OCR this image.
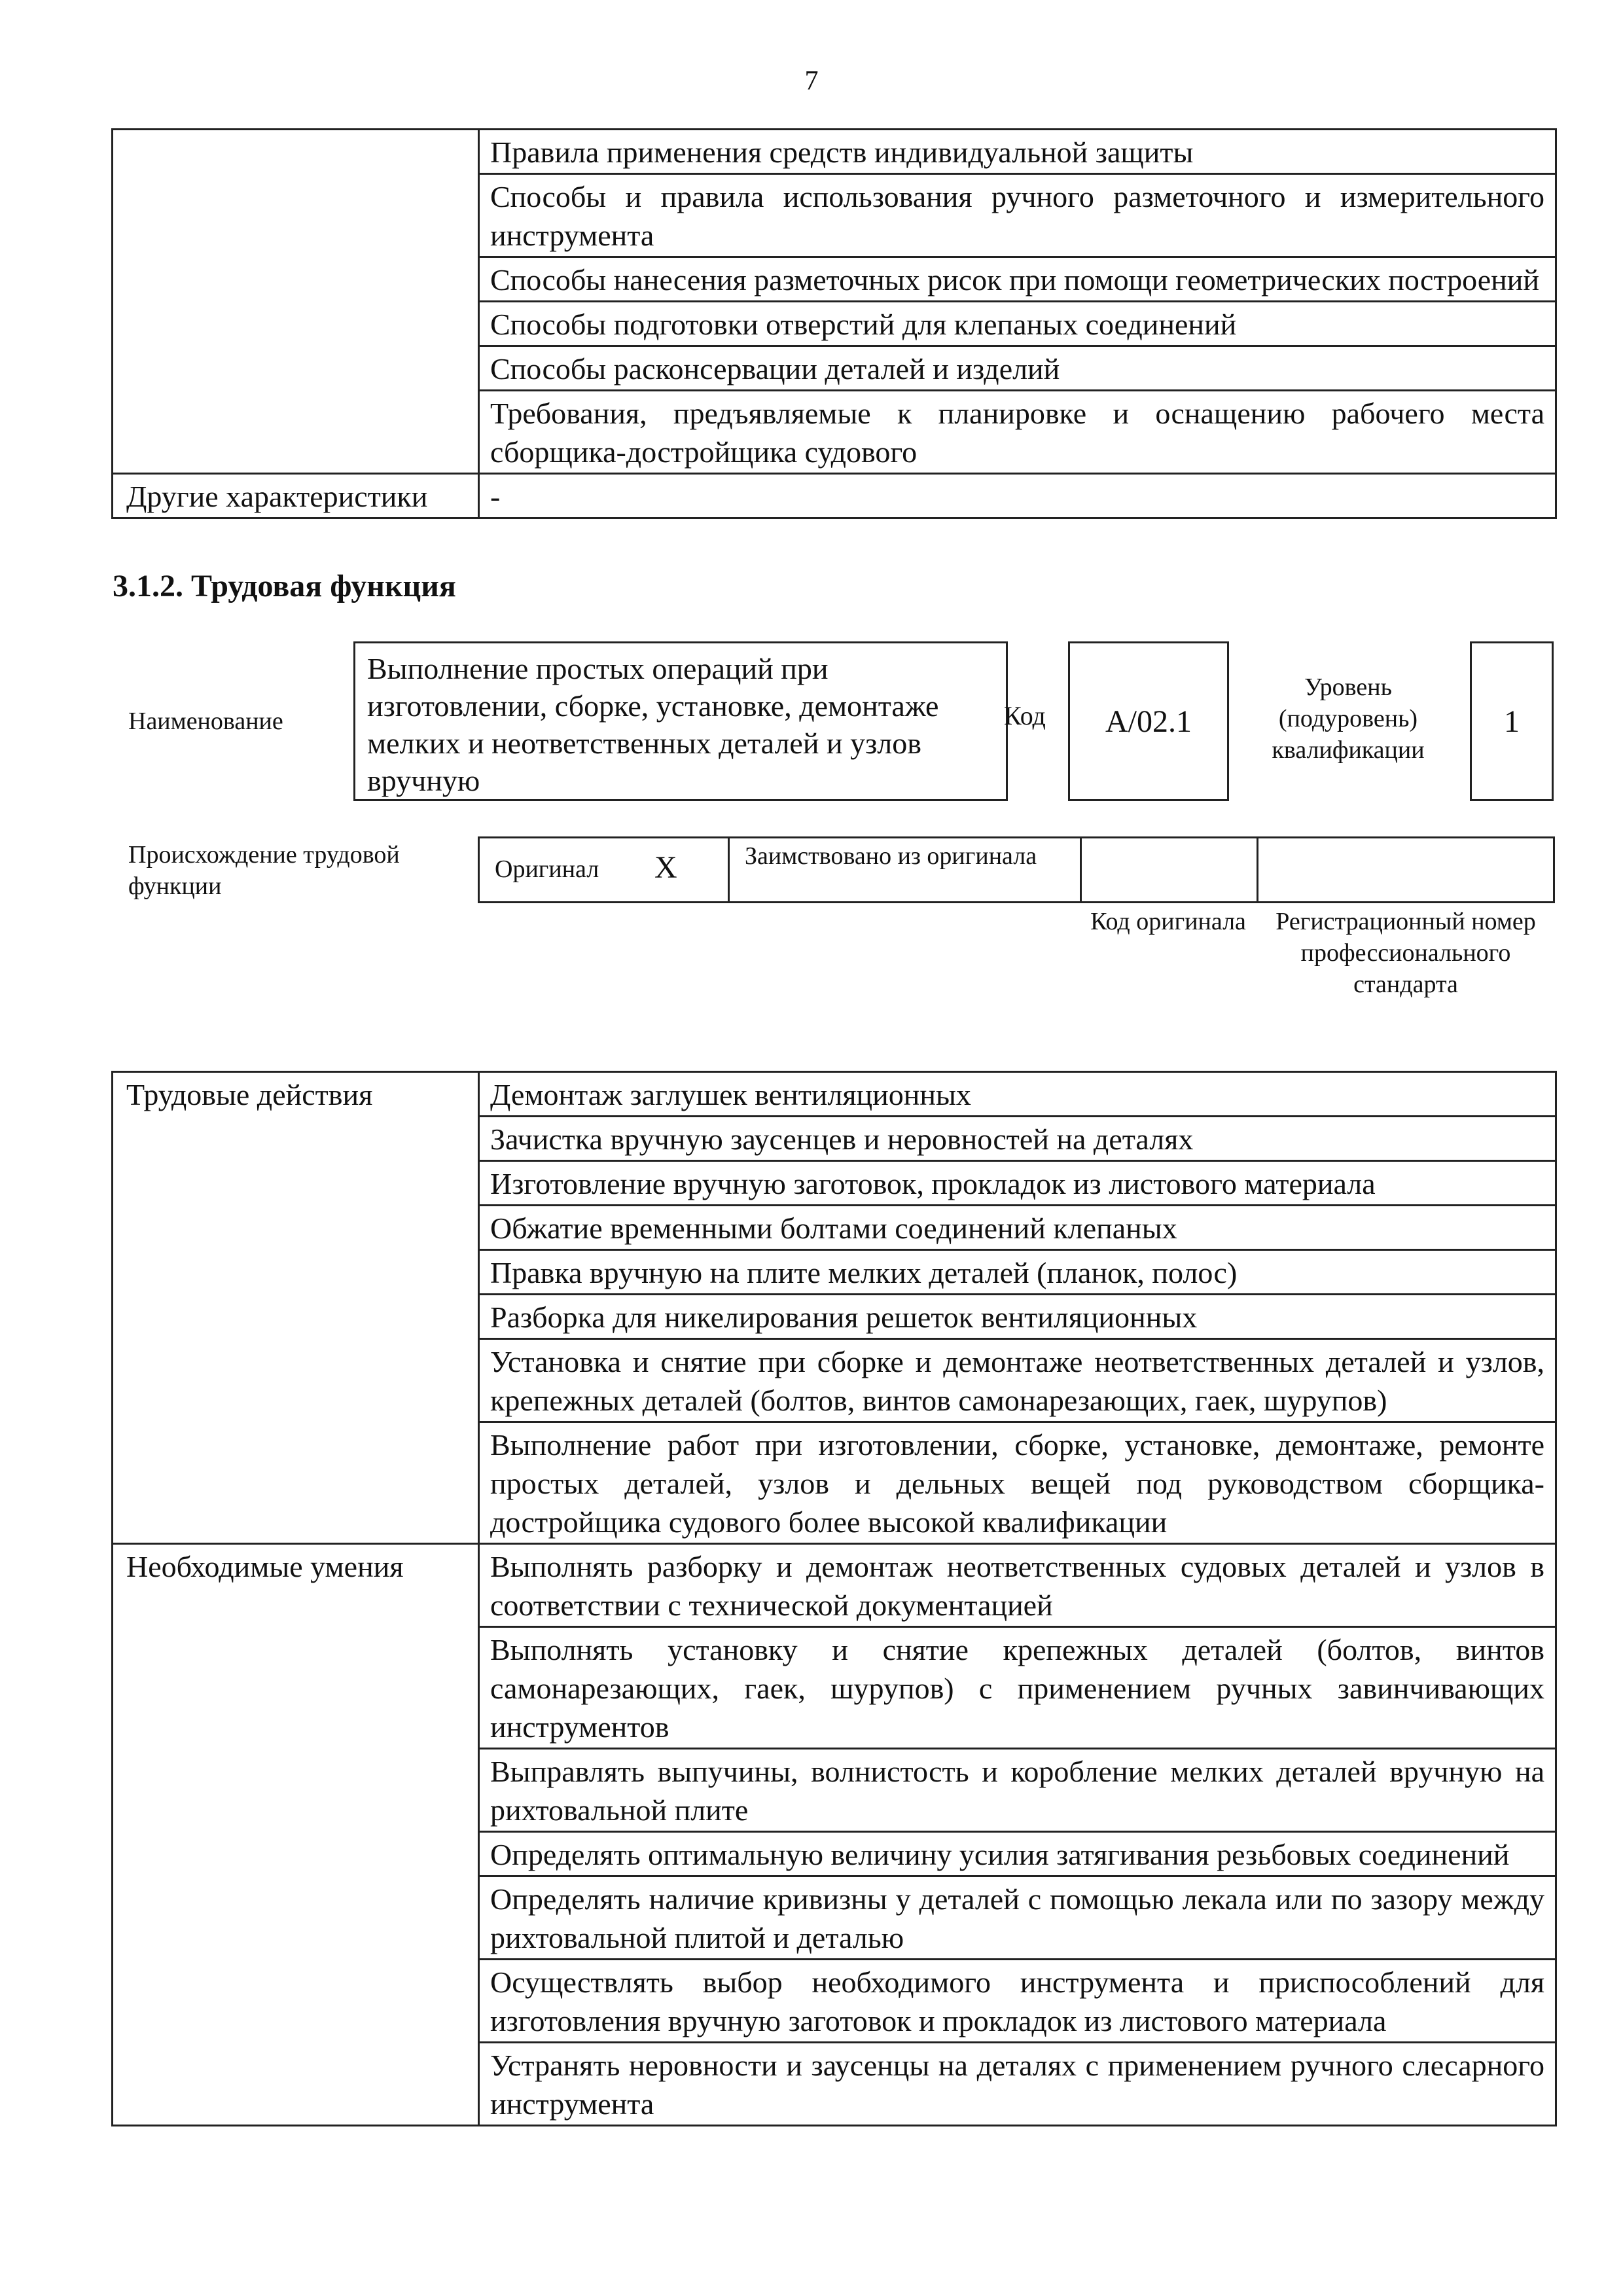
7
	Правила применения средств индивидуальной защиты
	Способы и правила использования ручного разметочного и измерительного инструмента
	Способы нанесения разметочных рисок при помощи геометрических построений
	Способы подготовки отверстий для клепаных соединений
	Способы расконсервации деталей и изделий
	Требования, предъявляемые к планировке и оснащению рабочего места сборщика-достройщика судового
Другие характеристики	-
3.1.2. Трудовая функция
Наименование
Выполнение простых операций при изготовлении, сборке, установке, демонтаже мелких и неответственных деталей и узлов вручную
Код	A/02.1
Уровень (подуровень) квалификации
1
Происхождение трудовой функции
Оригинал X	Заимствовано из оригинала
Код оригинала	Регистрационный номер профессионального стандарта
Трудовые действия	Демонтаж заглушек вентиляционных
	Зачистка вручную заусенцев и неровностей на деталях
	Изготовление вручную заготовок, прокладок из листового материала
	Обжатие временными болтами соединений клепаных
	Правка вручную на плите мелких деталей (планок, полос)
	Разборка для никелирования решеток вентиляционных
	Установка и снятие при сборке и демонтаже неответственных деталей и узлов, крепежных деталей (болтов, винтов самонарезающих, гаек, шурупов)
	Выполнение работ при изготовлении, сборке, установке, демонтаже, ремонте простых деталей, узлов и дельных вещей под руководством сборщика-достройщика судового более высокой квалификации
Необходимые умения	Выполнять разборку и демонтаж неответственных судовых деталей и узлов в соответствии с технической документацией
	Выполнять установку и снятие крепежных деталей (болтов, винтов самонарезающих, гаек, шурупов) с применением ручных завинчивающих инструментов
	Выправлять выпучины, волнистость и коробление мелких деталей вручную на рихтовальной плите
	Определять оптимальную величину усилия затягивания резьбовых соединений
	Определять наличие кривизны у деталей с помощью лекала или по зазору между рихтовальной плитой и деталью
	Осуществлять выбор необходимого инструмента и приспособлений для изготовления вручную заготовок и прокладок из листового материала
	Устранять неровности и заусенцы на деталях с применением ручного слесарного инструмента
